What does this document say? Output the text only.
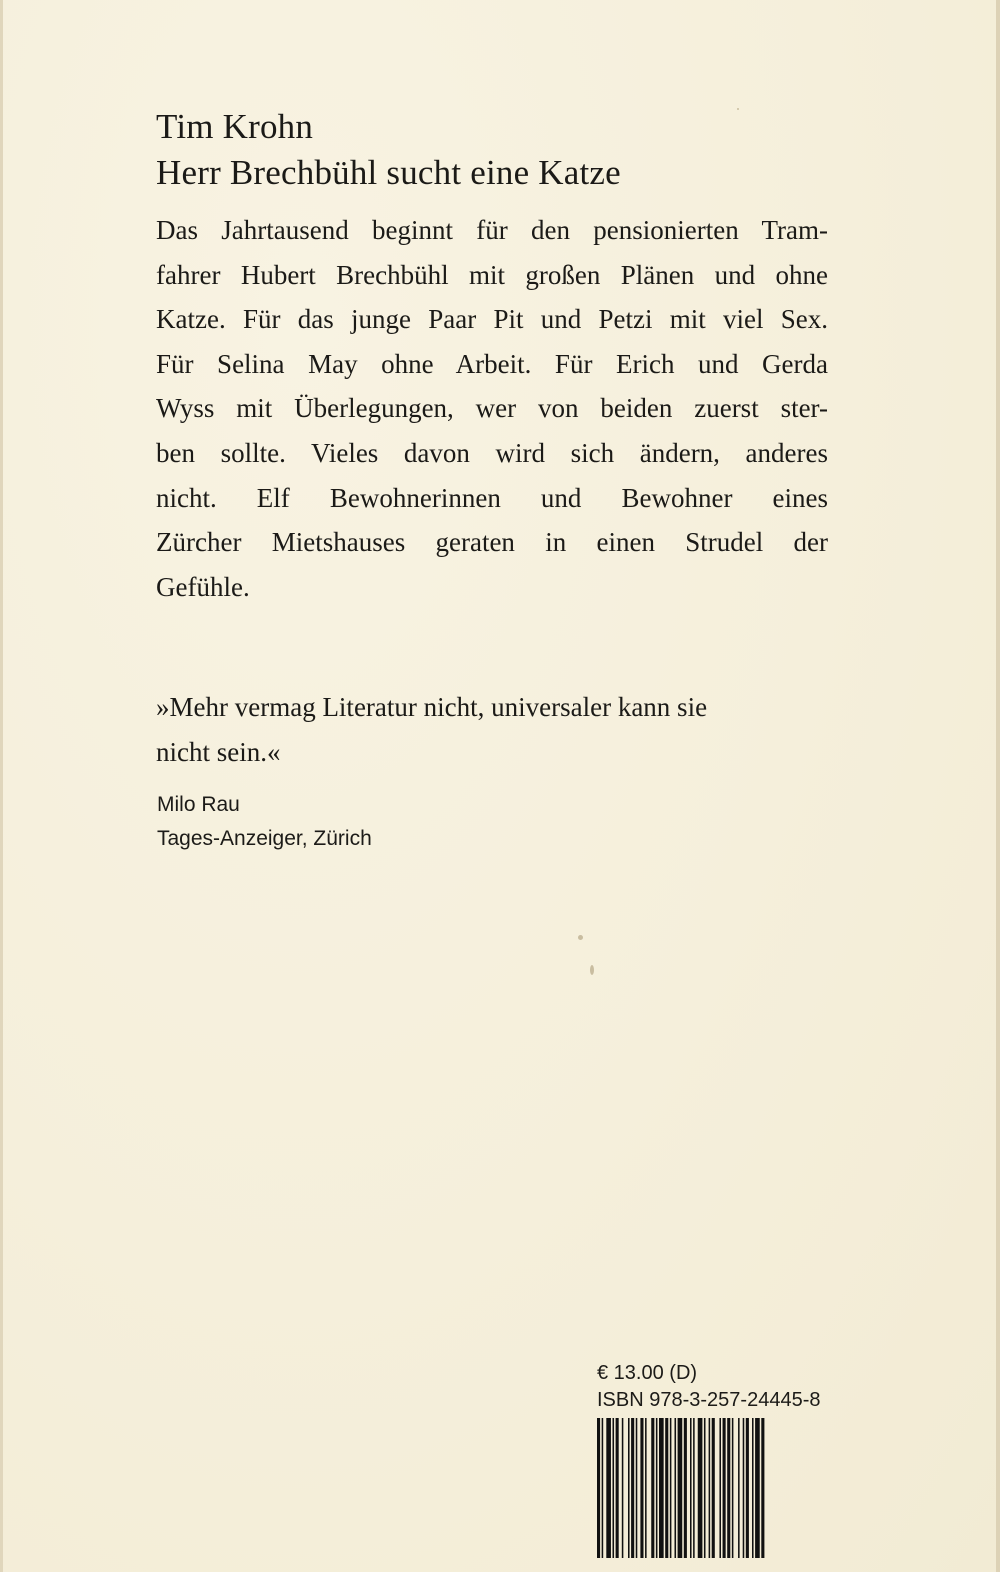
Tim Krohn
Herr Brechbühl sucht eine Katze
Das Jahrtausend beginnt für den pensionierten Tram-
fahrer Hubert Brechbühl mit großen Plänen und ohne
Katze. Für das junge Paar Pit und Petzi mit viel Sex.
Für Selina May ohne Arbeit. Für Erich und Gerda
Wyss mit Überlegungen, wer von beiden zuerst ster-
ben sollte. Vieles davon wird sich ändern, anderes
nicht. Elf Bewohnerinnen und Bewohner eines
Zürcher Mietshauses geraten in einen Strudel der
Gefühle.
»Mehr vermag Literatur nicht, universaler kann sie
nicht sein.«
Milo Rau
Tages-Anzeiger, Zürich
€ 13.00 (D)
ISBN 978-3-257-24445-8
